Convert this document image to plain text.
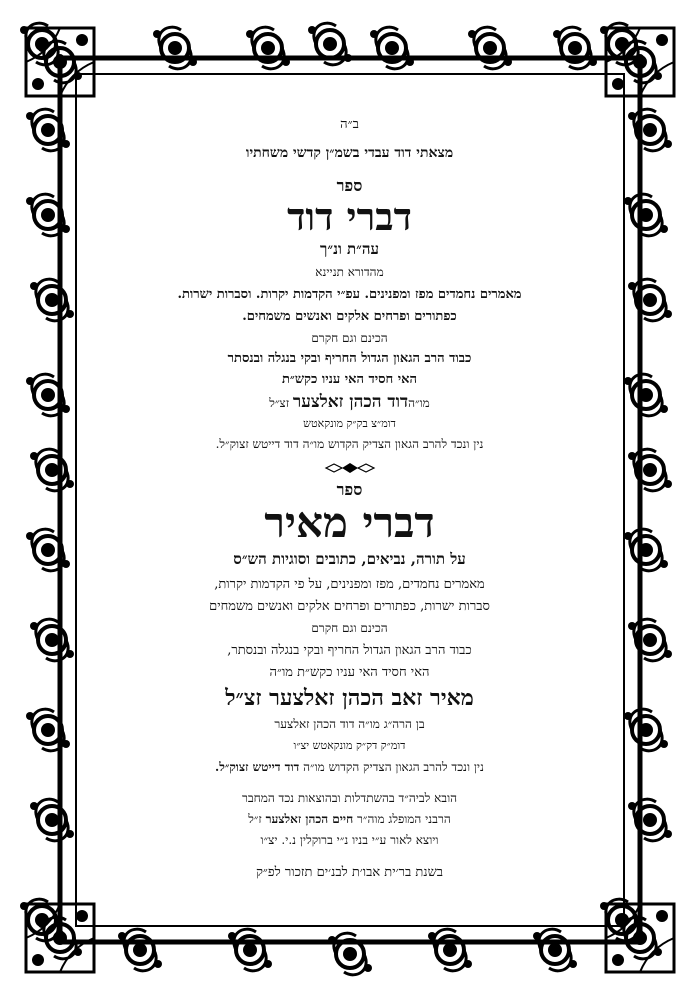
ב״ה
מצאתי דוד עבדי בשמ״ן קדשי משחתיו
ספר
דברי דוד
עה״ת ונ״ך
מהדורא תניינא
מאמרים נחמדים מפז ומפנינים. עפ״י הקדמות יקרות. וסברות ישרות.
כפתורים ופרחים אלקים ואנשים משמחים.
הכינם וגם חקרם
כבוד הרב הגאון הגדול החריף ובקי בנגלה ובנסתר
האי חסיד האי עניו כקש״ת
מו״הדוד הכהן זאלצער זצ״ל
דומ״צ בק״ק מונקאטש
נין ונכד להרב הגאון הצדיק הקדוש מו״ה דוד דייטש זצוק״ל.
ספר
דברי מאיר
על תורה, נביאים, כתובים וסוגיות הש״ס
מאמרים נחמדים, מפז ומפנינים, על פי הקדמות יקרות,
סברות ישרות, כפתורים ופרחים אלקים ואנשים משמחים
הכינם וגם חקרם
כבוד הרב הגאון הגדול החריף ובקי בנגלה ובנסתר,
האי חסיד האי עניו כקש״ת מו״ה
מאיר זאב הכהן זאלצער זצ״ל
בן הרה״ג מו״ה דוד הכהן זאלצער
דומ״ק דק״ק מונקאטש יצ״ו
נין ונכד להרב הגאון הצדיק הקדוש מו״ה דוד דייטש זצוק״ל.
הובא לביה״ד בהשתדלות ובהוצאות נכד המחבר
הרבני המופלג מוה״ר חיים הכהן זאלצער ז״ל
ויוצא לאור ע״י בניו נ״י ברוקלין נ.י. יצ״ו
בשנת בר׳ית אבו׳ת לבנ׳ים תזכור לפ״ק
